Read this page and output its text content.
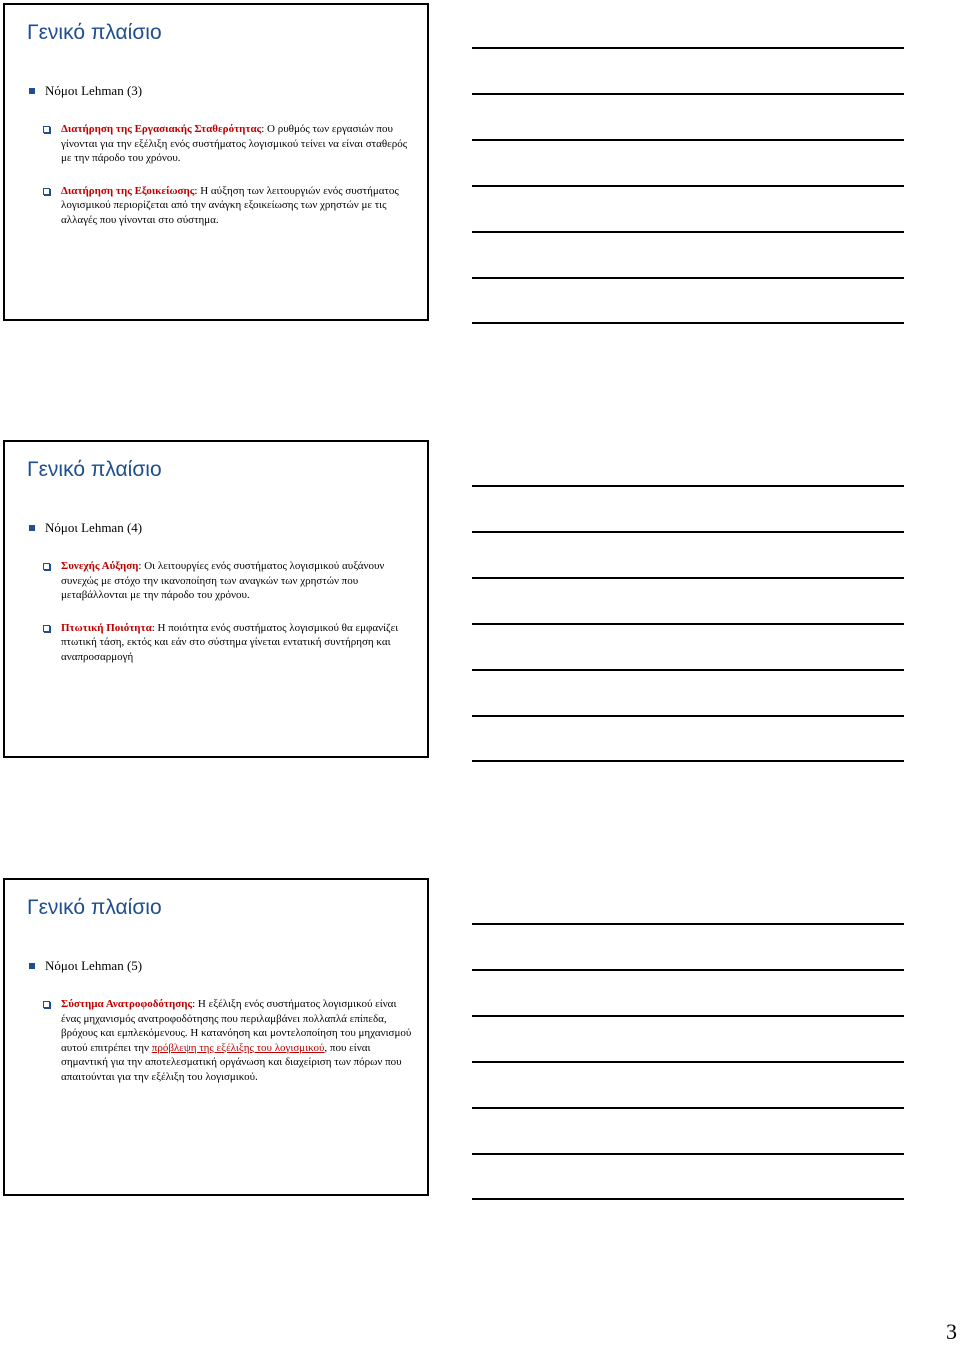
Γενικό πλαίσιο
Νόμοι Lehman (3)
Διατήρηση της Εργασιακής Σταθερότητας: Ο ρυθμός των εργασιών που γίνονται για την εξέλιξη ενός συστήματος λογισμικού τείνει να είναι σταθερός με την πάροδο του χρόνου.
Διατήρηση της Εξοικείωσης: Η αύξηση των λειτουργιών ενός συστήματος λογισμικού περιορίζεται από την ανάγκη εξοικείωσης των χρηστών με τις αλλαγές που γίνονται στο σύστημα.
Γενικό πλαίσιο
Νόμοι Lehman (4)
Συνεχής Αύξηση: Οι λειτουργίες ενός συστήματος λογισμικού αυξάνουν συνεχώς με στόχο την ικανοποίηση των αναγκών των χρηστών που μεταβάλλονται με την πάροδο του χρόνου.
Πτωτική Ποιότητα: Η ποιότητα ενός συστήματος λογισμικού θα εμφανίζει πτωτική τάση, εκτός και εάν στο σύστημα γίνεται εντατική συντήρηση και αναπροσαρμογή
Γενικό πλαίσιο
Νόμοι Lehman (5)
Σύστημα Ανατροφοδότησης: Η εξέλιξη ενός συστήματος λογισμικού είναι ένας μηχανισμός ανατροφοδότησης που περιλαμβάνει πολλαπλά επίπεδα, βρόχους και εμπλεκόμενους. Η κατανόηση και μοντελοποίηση του μηχανισμού αυτού επιτρέπει την πρόβλεψη της εξέλιξης του λογισμικού, που είναι σημαντική για την αποτελεσματική οργάνωση και διαχείριση των πόρων που απαιτούνται για την εξέλιξη του λογισμικού.
3
